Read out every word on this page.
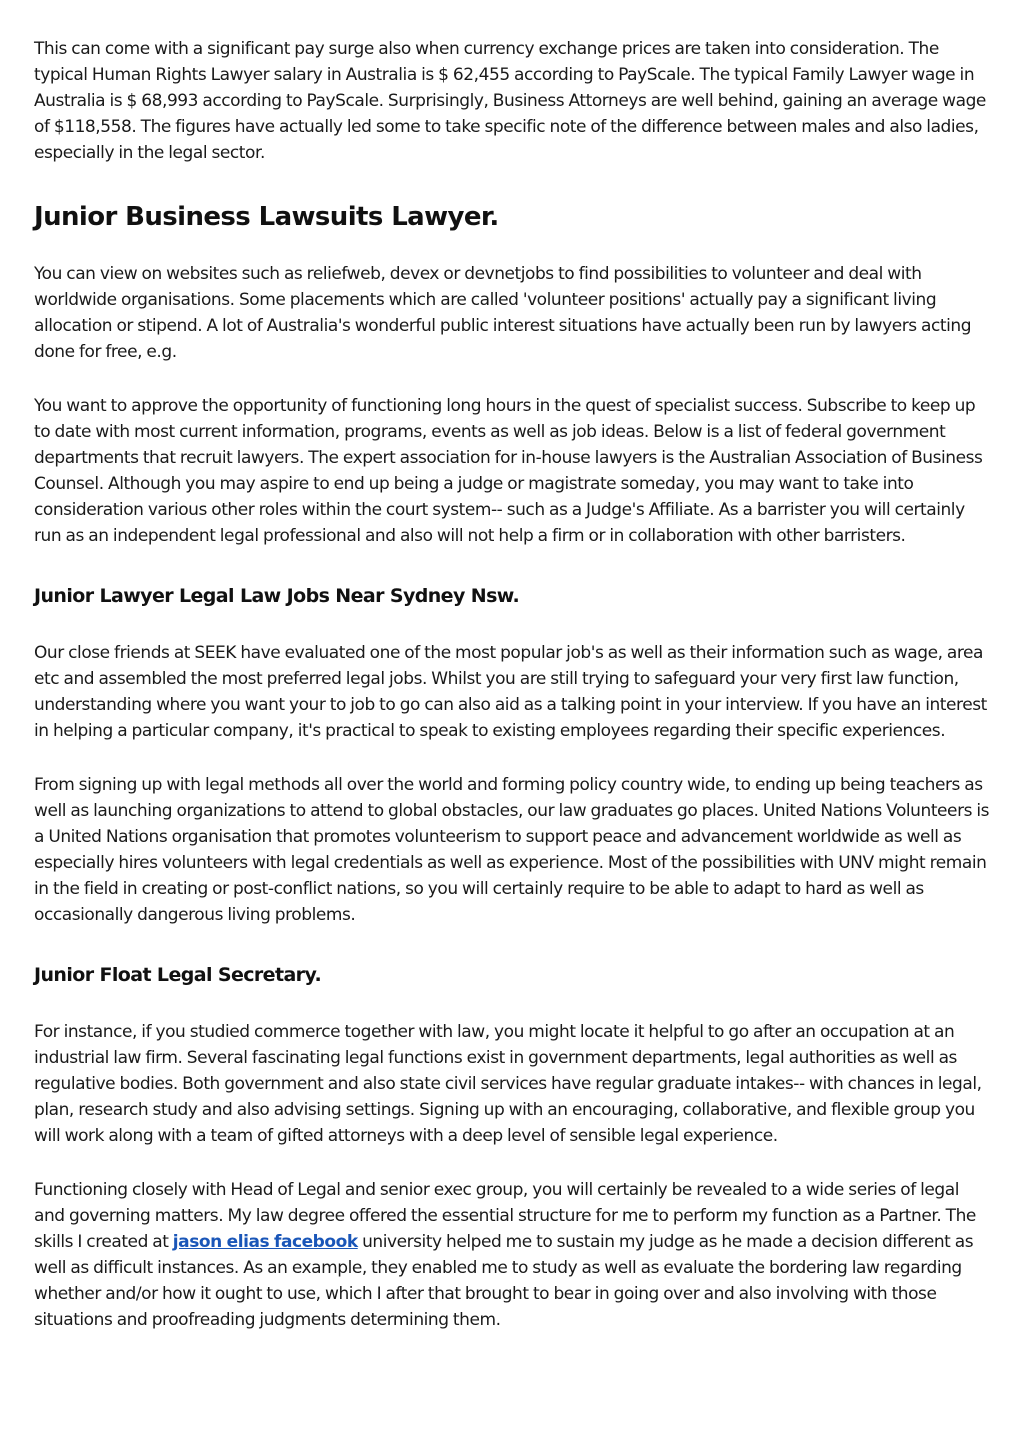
This can come with a significant pay surge also when currency exchange prices are taken into consideration. The typical Human Rights Lawyer salary in Australia is $ 62,455 according to PayScale. The typical Family Lawyer wage in Australia is $ 68,993 according to PayScale. Surprisingly, Business Attorneys are well behind, gaining an average wage of $118,558. The figures have actually led some to take specific note of the difference between males and also ladies, especially in the legal sector.

Junior Business Lawsuits Lawyer.

You can view on websites such as reliefweb, devex or devnetjobs to find possibilities to volunteer and deal with worldwide organisations. Some placements which are called 'volunteer positions' actually pay a significant living allocation or stipend. A lot of Australia's wonderful public interest situations have actually been run by lawyers acting done for free, e.g.

You want to approve the opportunity of functioning long hours in the quest of specialist success. Subscribe to keep up to date with most current information, programs, events as well as job ideas. Below is a list of federal government departments that recruit lawyers. The expert association for in-house lawyers is the Australian Association of Business Counsel. Although you may aspire to end up being a judge or magistrate someday, you may want to take into consideration various other roles within the court system-- such as a Judge's Affiliate. As a barrister you will certainly run as an independent legal professional and also will not help a firm or in collaboration with other barristers.

Junior Lawyer Legal Law Jobs Near Sydney Nsw.

Our close friends at SEEK have evaluated one of the most popular job's as well as their information such as wage, area etc and assembled the most preferred legal jobs. Whilst you are still trying to safeguard your very first law function, understanding where you want your to job to go can also aid as a talking point in your interview. If you have an interest in helping a particular company, it's practical to speak to existing employees regarding their specific experiences.

From signing up with legal methods all over the world and forming policy country wide, to ending up being teachers as well as launching organizations to attend to global obstacles, our law graduates go places. United Nations Volunteers is a United Nations organisation that promotes volunteerism to support peace and advancement worldwide as well as especially hires volunteers with legal credentials as well as experience. Most of the possibilities with UNV might remain in the field in creating or post-conflict nations, so you will certainly require to be able to adapt to hard as well as occasionally dangerous living problems.

Junior Float Legal Secretary.

For instance, if you studied commerce together with law, you might locate it helpful to go after an occupation at an industrial law firm. Several fascinating legal functions exist in government departments, legal authorities as well as regulative bodies. Both government and also state civil services have regular graduate intakes-- with chances in legal, plan, research study and also advising settings. Signing up with an encouraging, collaborative, and flexible group you will work along with a team of gifted attorneys with a deep level of sensible legal experience.

Functioning closely with Head of Legal and senior exec group, you will certainly be revealed to a wide series of legal and governing matters. My law degree offered the essential structure for me to perform my function as a Partner. The skills I created at jason elias facebook university helped me to sustain my judge as he made a decision different as well as difficult instances. As an example, they enabled me to study as well as evaluate the bordering law regarding whether and/or how it ought to use, which I after that brought to bear in going over and also involving with those situations and proofreading judgments determining them.
